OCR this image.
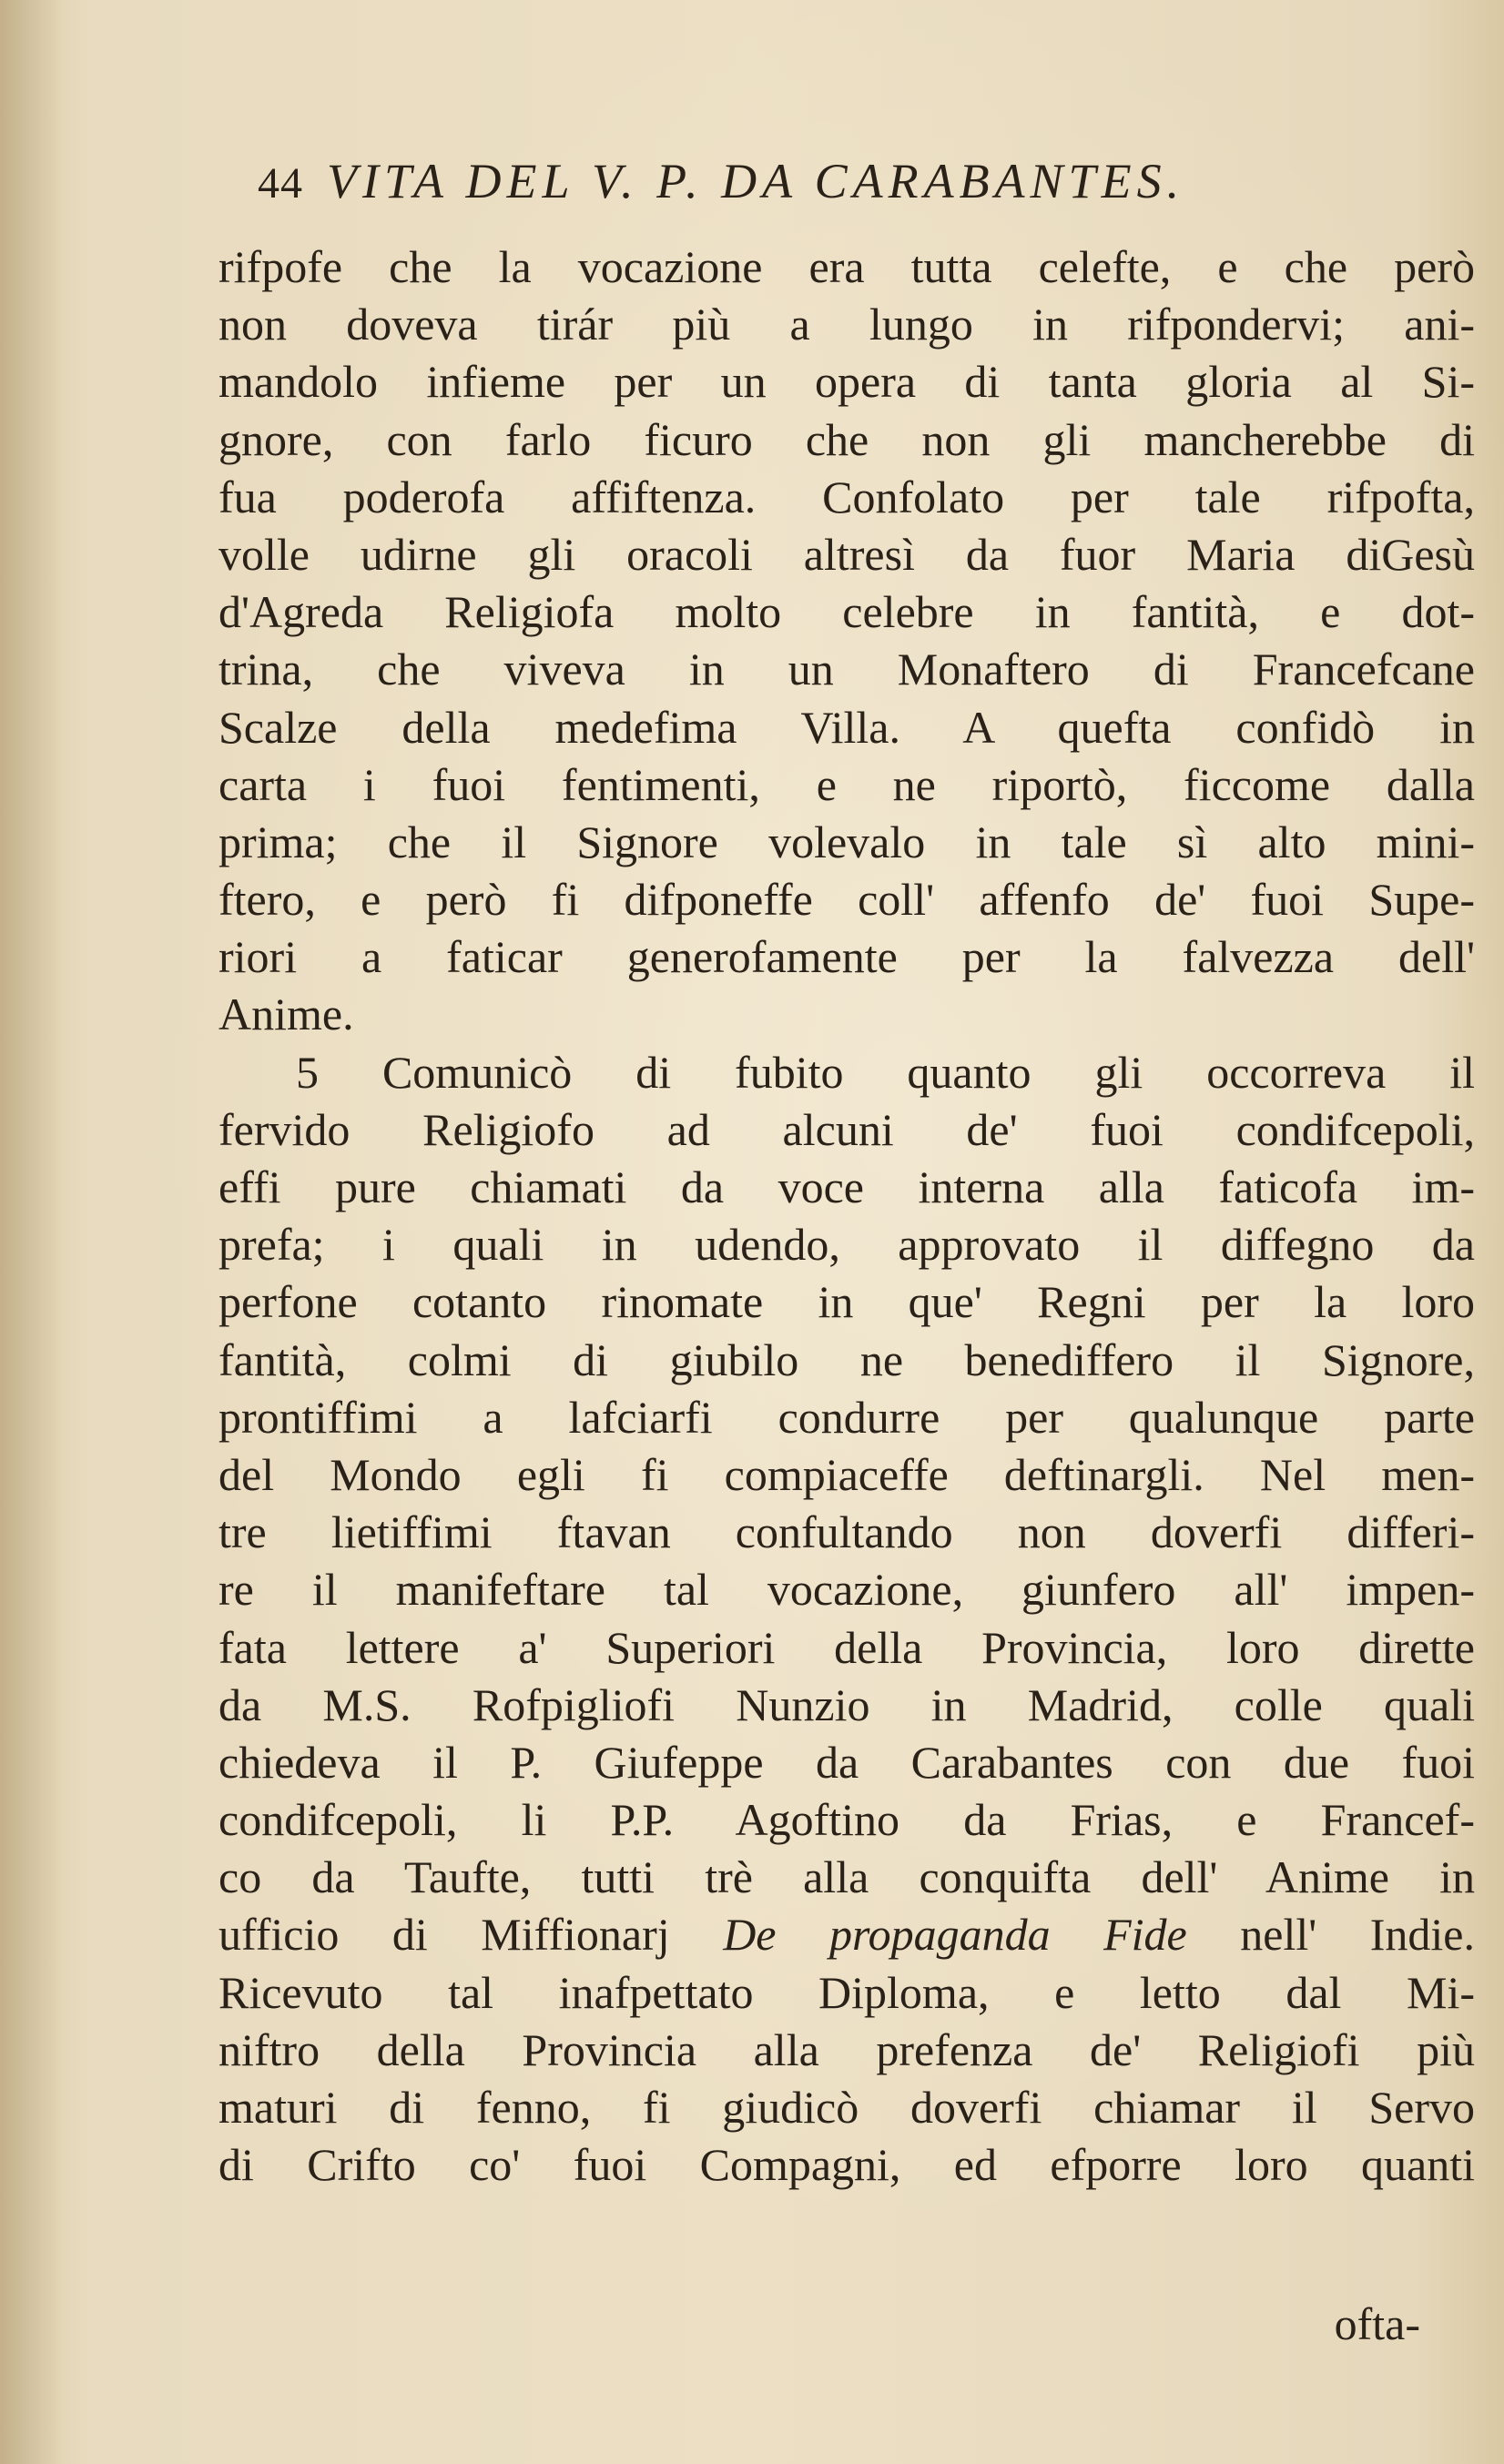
44 VITA DEL V. P. DA CARABANTES.
rifpofe che la vocazione era tutta celefte, e che però
non doveva tirár più a lungo in rifpondervi; ani-
mandolo infieme per un opera di tanta gloria al Si-
gnore, con farlo ficuro che non gli mancherebbe di
fua poderofa affiftenza. Confolato per tale rifpofta,
volle udirne gli oracoli altresì da fuor Maria diGesù
d'Agreda Religiofa molto celebre in fantità, e dot-
trina, che viveva in un Monaftero di Francefcane
Scalze della medefima Villa. A quefta confidò in
carta i fuoi fentimenti, e ne riportò, ficcome dalla
prima; che il Signore volevalo in tale sì alto mini-
ftero, e però fi difponeffe coll' affenfo de' fuoi Supe-
riori a faticar generofamente per la falvezza dell'
Anime.
5 Comunicò di fubito quanto gli occorreva il
fervido Religiofo ad alcuni de' fuoi condifcepoli,
effi pure chiamati da voce interna alla faticofa im-
prefa; i quali in udendo, approvato il diffegno da
perfone cotanto rinomate in que' Regni per la loro
fantità, colmi di giubilo ne benediffero il Signore,
prontiffimi a lafciarfi condurre per qualunque parte
del Mondo egli fi compiaceffe deftinargli. Nel men-
tre lietiffimi ftavan confultando non doverfi differi-
re il manifeftare tal vocazione, giunfero all' impen-
fata lettere a' Superiori della Provincia, loro dirette
da M.S. Rofpigliofi Nunzio in Madrid, colle quali
chiedeva il P. Giufeppe da Carabantes con due fuoi
condifcepoli, li P.P. Agoftino da Frias, e Francef-
co da Taufte, tutti trè alla conquifta dell' Anime in
ufficio di Miffionarj De propaganda Fide nell' Indie.
Ricevuto tal inafpettato Diploma, e letto dal Mi-
niftro della Provincia alla prefenza de' Religiofi più
maturi di fenno, fi giudicò doverfi chiamar il Servo
di Crifto co' fuoi Compagni, ed efporre loro quanti
ofta-
